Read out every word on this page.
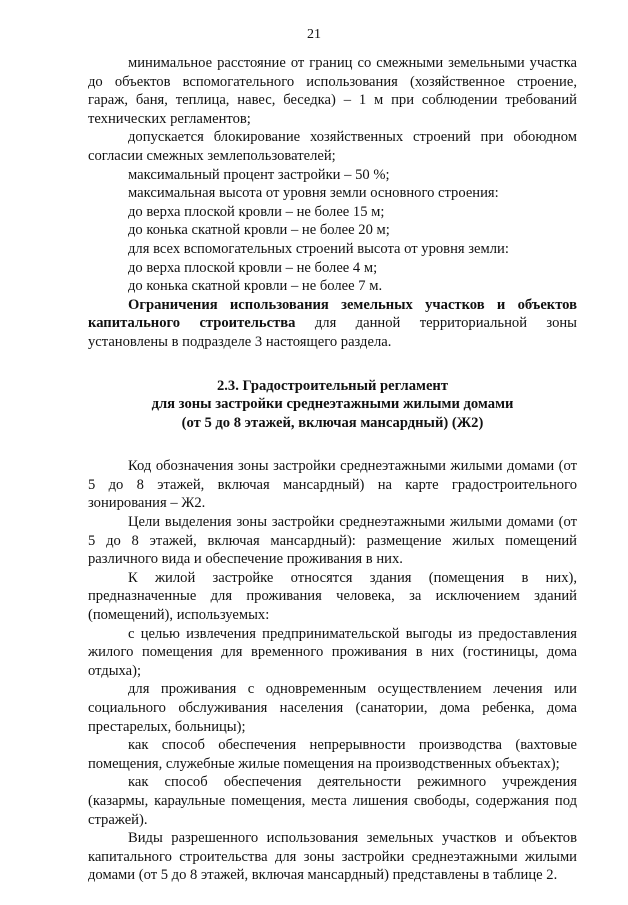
21

минимальное расстояние от границ со смежными земельными участка до объектов вспомогательного использования (хозяйственное строение, гараж, баня, теплица, навес, беседка) – 1 м при соблюдении требований технических регламентов;

допускается блокирование хозяйственных строений при обоюдном согласии смежных землепользователей;

максимальный процент застройки – 50 %;

максимальная высота от уровня земли основного строения:

до верха плоской кровли – не более 15 м;

до конька скатной кровли – не более 20 м;

для всех вспомогательных строений высота от уровня земли:

до верха плоской кровли – не более 4 м;

до конька скатной кровли – не более 7 м.

Ограничения использования земельных участков и объектов капитального строительства для данной территориальной зоны установлены в подразделе 3 настоящего раздела.

2.3. Градостроительный регламент

для зоны застройки среднеэтажными жилыми домами

(от 5 до 8 этажей, включая мансардный) (Ж2)

Код обозначения зоны застройки среднеэтажными жилыми домами (от 5 до 8 этажей, включая мансардный) на карте градостроительного зонирования – Ж2.

Цели выделения зоны застройки среднеэтажными жилыми домами (от 5 до 8 этажей, включая мансардный): размещение жилых помещений различного вида и обеспечение проживания в них.

К жилой застройке относятся здания (помещения в них), предназначенные для проживания человека, за исключением зданий (помещений), используемых:

с целью извлечения предпринимательской выгоды из предоставления жилого помещения для временного проживания в них (гостиницы, дома отдыха);

для проживания с одновременным осуществлением лечения или социального обслуживания населения (санатории, дома ребенка, дома престарелых, больницы);

как способ обеспечения непрерывности производства (вахтовые помещения, служебные жилые помещения на производственных объектах);

как способ обеспечения деятельности режимного учреждения (казармы, караульные помещения, места лишения свободы, содержания под стражей).

Виды разрешенного использования земельных участков и объектов капитального строительства для зоны застройки среднеэтажными жилыми домами (от 5 до 8 этажей, включая мансардный) представлены в таблице 2.
